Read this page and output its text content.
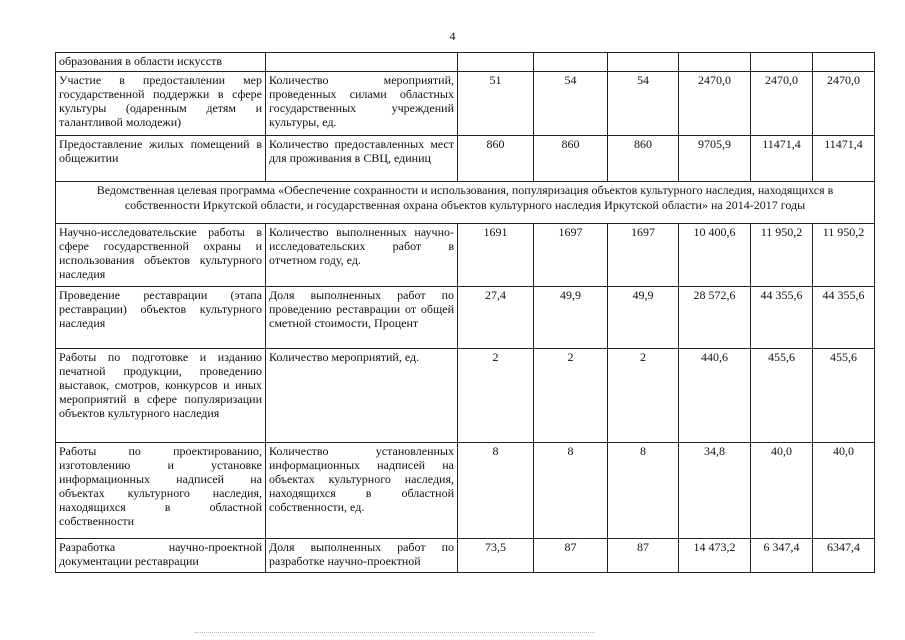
4
образования в области искусств							
Участие в предоставлении мер государственной поддержки в сфере культуры (одаренным детям и талантливой молодежи)	Количество мероприятий, проведенных силами областных государственных учреждений культуры, ед.	51	54	54	2470,0	2470,0	2470,0
Предоставление жилых помещений в общежитии	Количество предоставленных мест для проживания в СВЦ, единиц	860	860	860	9705,9	11471,4	11471,4
Ведомственная целевая программа «Обеспечение сохранности и использования, популяризация объектов культурного наследия, находящихся в собственности Иркутской области, и государственная охрана объектов культурного наследия Иркутской области» на 2014-2017 годы							
Научно-исследовательские работы в сфере государственной охраны и использования объектов культурного наследия	Количество выполненных научно-исследовательских работ в отчетном году, ед.	1691	1697	1697	10 400,6	11 950,2	11 950,2
Проведение реставрации (этапа реставрации) объектов культурного наследия	Доля выполненных работ по проведению реставрации от общей сметной стоимости, Процент	27,4	49,9	49,9	28 572,6	44 355,6	44 355,6
Работы по подготовке и изданию печатной продукции, проведению выставок, смотров, конкурсов и иных мероприятий в сфере популяризации объектов культурного наследия	Количество мероприятий, ед.	2	2	2	440,6	455,6	455,6
Работы по проектированию, изготовлению и установке информационных надписей на объектах культурного наследия, находящихся в областной собственности	Количество установленных информационных надписей на объектах культурного наследия, находящихся в областной собственности, ед.	8	8	8	34,8	40,0	40,0
Разработка научно-проектной документации реставрации	Доля выполненных работ по разработке научно-проектной	73,5	87	87	14 473,2	6 347,4	6347,4
